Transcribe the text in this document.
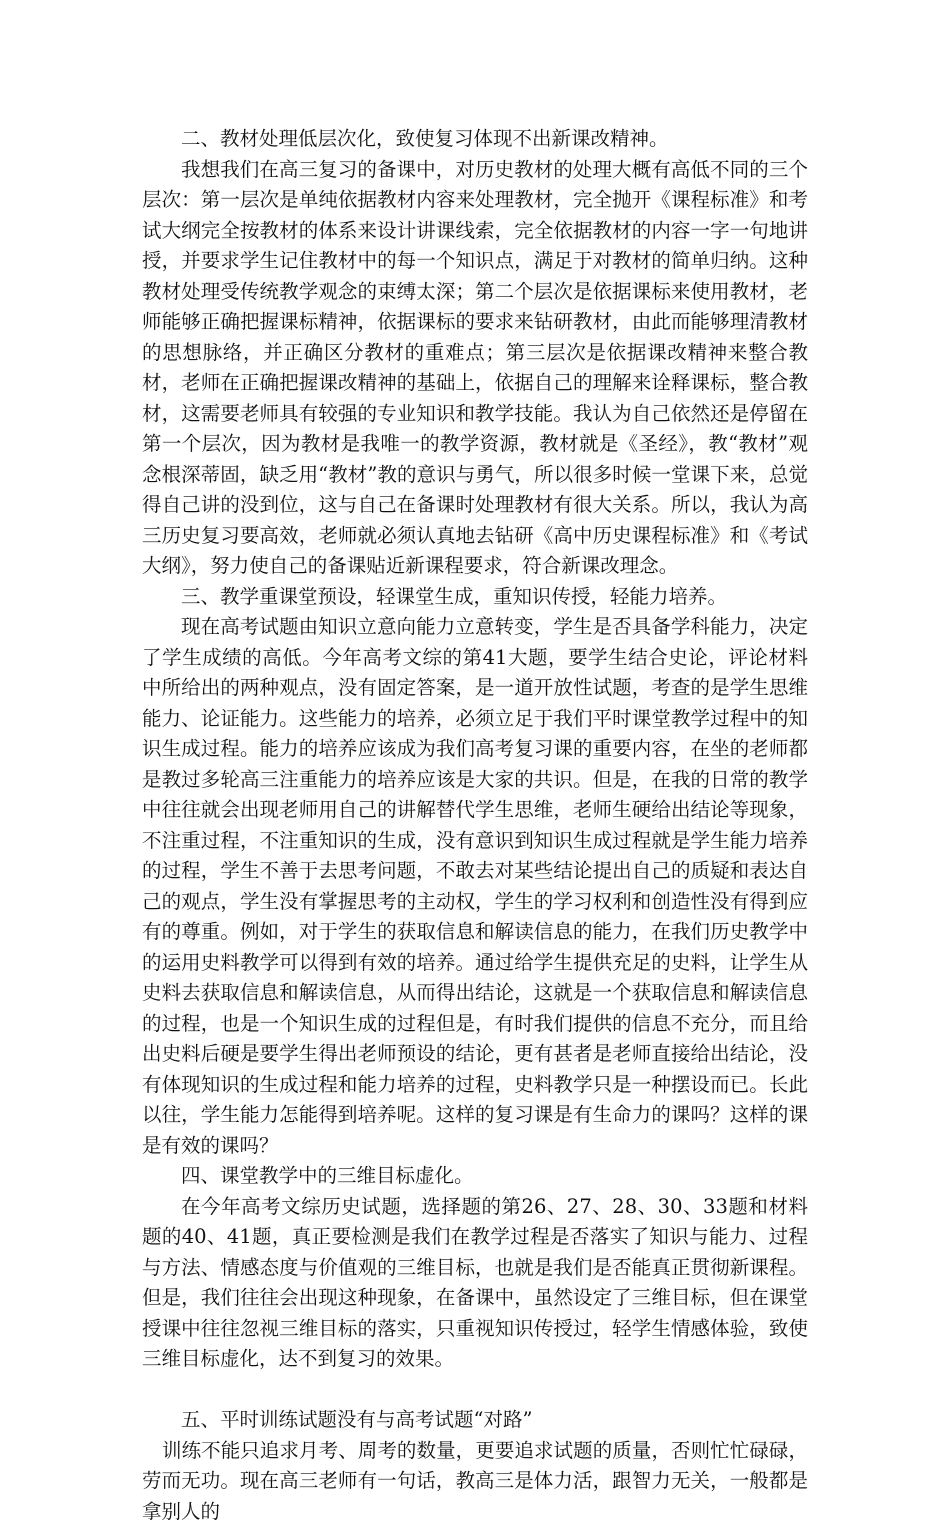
二、教材处理低层次化，致使复习体现不出新课改精神。

我想我们在高三复习的备课中，对历史教材的处理大概有高低不同的三个层次：第一层次是单纯依据教材内容来处理教材，完全抛开《课程标准》和考试大纲完全按教材的体系来设计讲课线索，完全依据教材的内容一字一句地讲授，并要求学生记住教材中的每一个知识点，满足于对教材的简单归纳。这种教材处理受传统教学观念的束缚太深；第二个层次是依据课标来使用教材，老师能够正确把握课标精神，依据课标的要求来钻研教材，由此而能够理清教材的思想脉络，并正确区分教材的重难点；第三层次是依据课改精神来整合教材，老师在正确把握课改精神的基础上，依据自己的理解来诠释课标，整合教材，这需要老师具有较强的专业知识和教学技能。我认为自己依然还是停留在第一个层次，因为教材是我唯一的教学资源，教材就是《圣经》，教“教材”观念根深蒂固，缺乏用“教材”教的意识与勇气，所以很多时候一堂课下来，总觉得自己讲的没到位，这与自己在备课时处理教材有很大关系。所以，我认为高三历史复习要高效，老师就必须认真地去钻研《高中历史课程标准》和《考试大纲》，努力使自己的备课贴近新课程要求，符合新课改理念。

三、教学重课堂预设，轻课堂生成，重知识传授，轻能力培养。

现在高考试题由知识立意向能力立意转变，学生是否具备学科能力，决定了学生成绩的高低。今年高考文综的第41大题，要学生结合史论，评论材料中所给出的两种观点，没有固定答案，是一道开放性试题，考查的是学生思维能力、论证能力。这些能力的培养，必须立足于我们平时课堂教学过程中的知识生成过程。能力的培养应该成为我们高考复习课的重要内容，在坐的老师都是教过多轮高三注重能力的培养应该是大家的共识。但是，在我的日常的教学中往往就会出现老师用自己的讲解替代学生思维，老师生硬给出结论等现象，不注重过程，不注重知识的生成，没有意识到知识生成过程就是学生能力培养的过程，学生不善于去思考问题，不敢去对某些结论提出自己的质疑和表达自己的观点，学生没有掌握思考的主动权，学生的学习权利和创造性没有得到应有的尊重。例如，对于学生的获取信息和解读信息的能力，在我们历史教学中的运用史料教学可以得到有效的培养。通过给学生提供充足的史料，让学生从史料去获取信息和解读信息，从而得出结论，这就是一个获取信息和解读信息的过程，也是一个知识生成的过程但是，有时我们提供的信息不充分，而且给出史料后硬是要学生得出老师预设的结论，更有甚者是老师直接给出结论，没有体现知识的生成过程和能力培养的过程，史料教学只是一种摆设而已。长此以往，学生能力怎能得到培养呢。这样的复习课是有生命力的课吗？这样的课是有效的课吗？

四、课堂教学中的三维目标虚化。

在今年高考文综历史试题，选择题的第26、27、28、30、33题和材料题的40、41题，真正要检测是我们在教学过程是否落实了知识与能力、过程与方法、情感态度与价值观的三维目标，也就是我们是否能真正贯彻新课程。但是，我们往往会出现这种现象，在备课中，虽然设定了三维目标，但在课堂授课中往往忽视三维目标的落实，只重视知识传授过，轻学生情感体验，致使三维目标虚化，达不到复习的效果。

五、平时训练试题没有与高考试题“对路”

训练不能只追求月考、周考的数量，更要追求试题的质量，否则忙忙碌碌，劳而无功。现在高三老师有一句话，教高三是体力活，跟智力无关，一般都是拿别人的
